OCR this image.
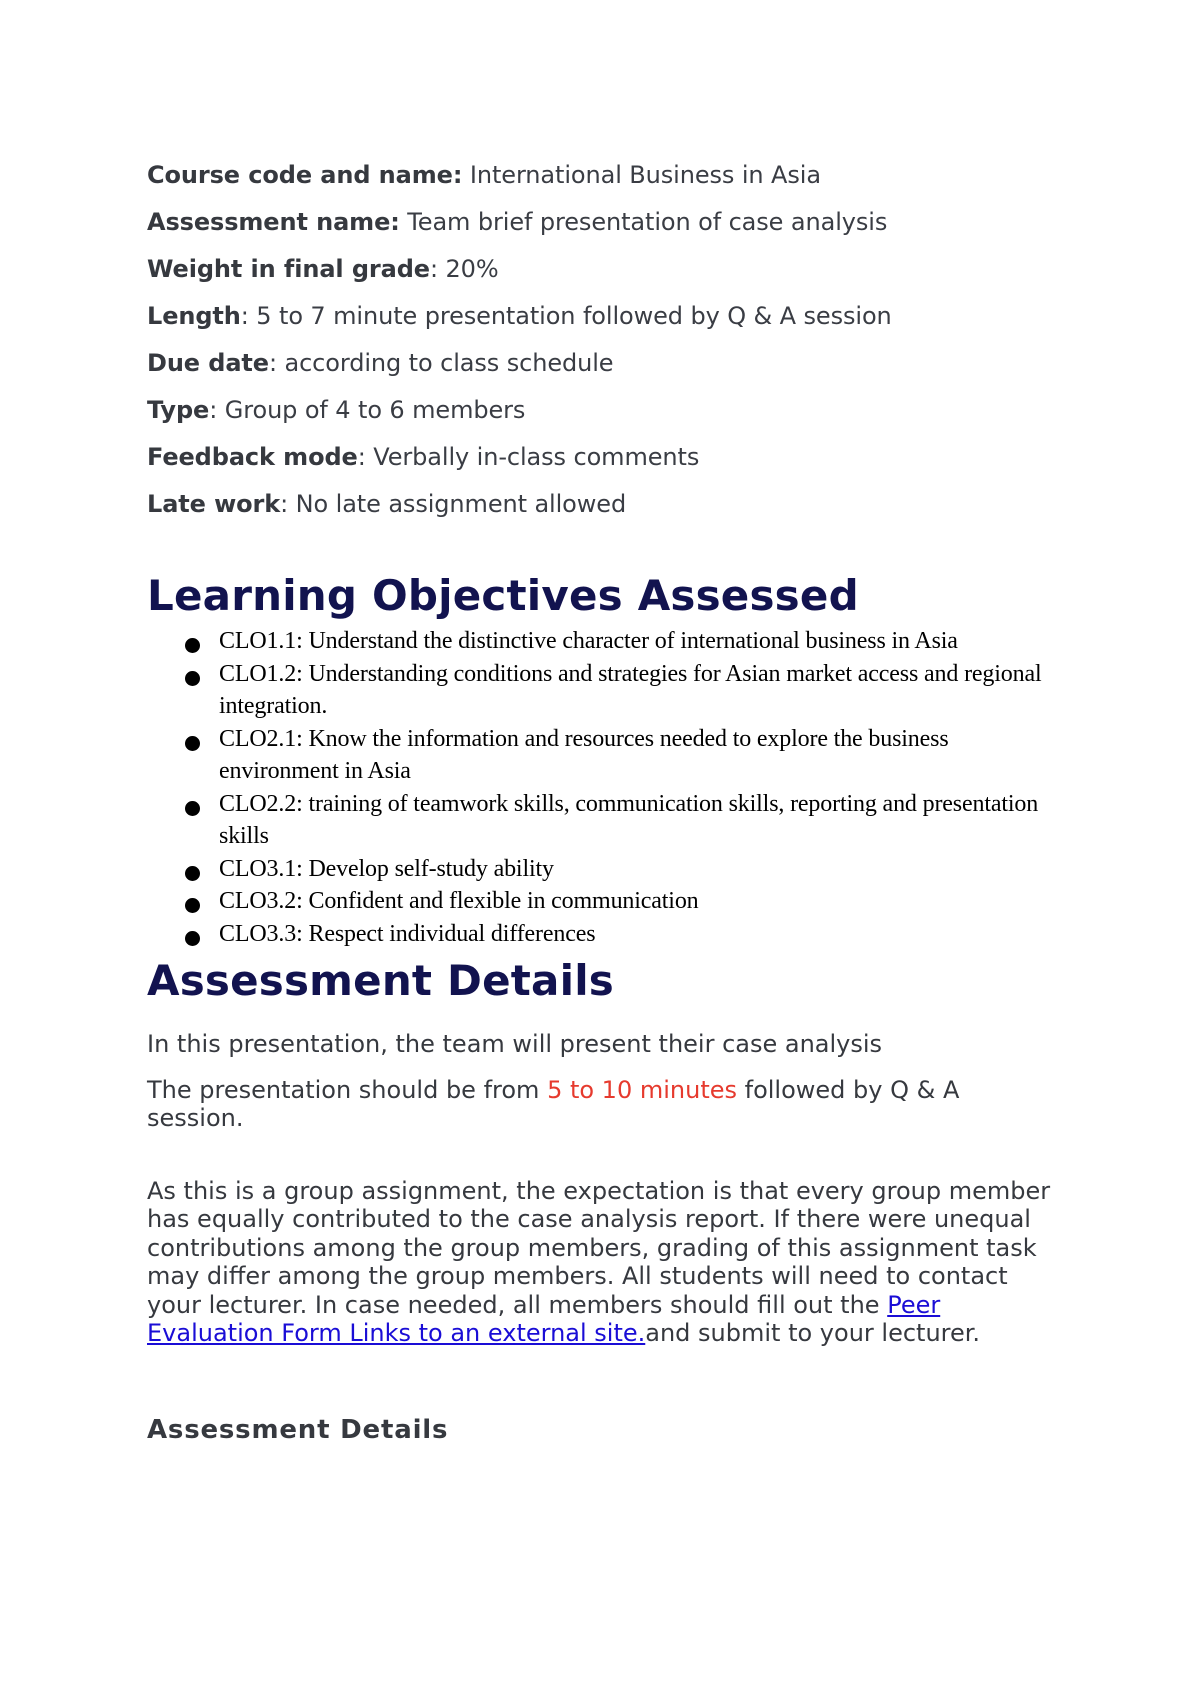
Course code and name: International Business in Asia
Assessment name: Team brief presentation of case analysis
Weight in final grade: 20%
Length: 5 to 7 minute presentation followed by Q & A session
Due date: according to class schedule
Type: Group of 4 to 6 members
Feedback mode: Verbally in-class comments
Late work: No late assignment allowed
Learning Objectives Assessed
CLO1.1: Understand the distinctive character of international business in Asia
CLO1.2: Understanding conditions and strategies for Asian market access and regional integration.
CLO2.1: Know the information and resources needed to explore the business environment in Asia
CLO2.2: training of teamwork skills, communication skills, reporting and presentation skills
CLO3.1: Develop self-study ability
CLO3.2: Confident and flexible in communication
CLO3.3: Respect individual differences
Assessment Details

In this presentation, the team will present their case analysis

The presentation should be from 5 to 10 minutes followed by Q & A session.

As this is a group assignment, the expectation is that every group member has equally contributed to the case analysis report. If there were unequal contributions among the group members, grading of this assignment task may differ among the group members. All students will need to contact your lecturer. In case needed, all members should fill out the Peer Evaluation Form Links to an external site.and submit to your lecturer.

Assessment Details
